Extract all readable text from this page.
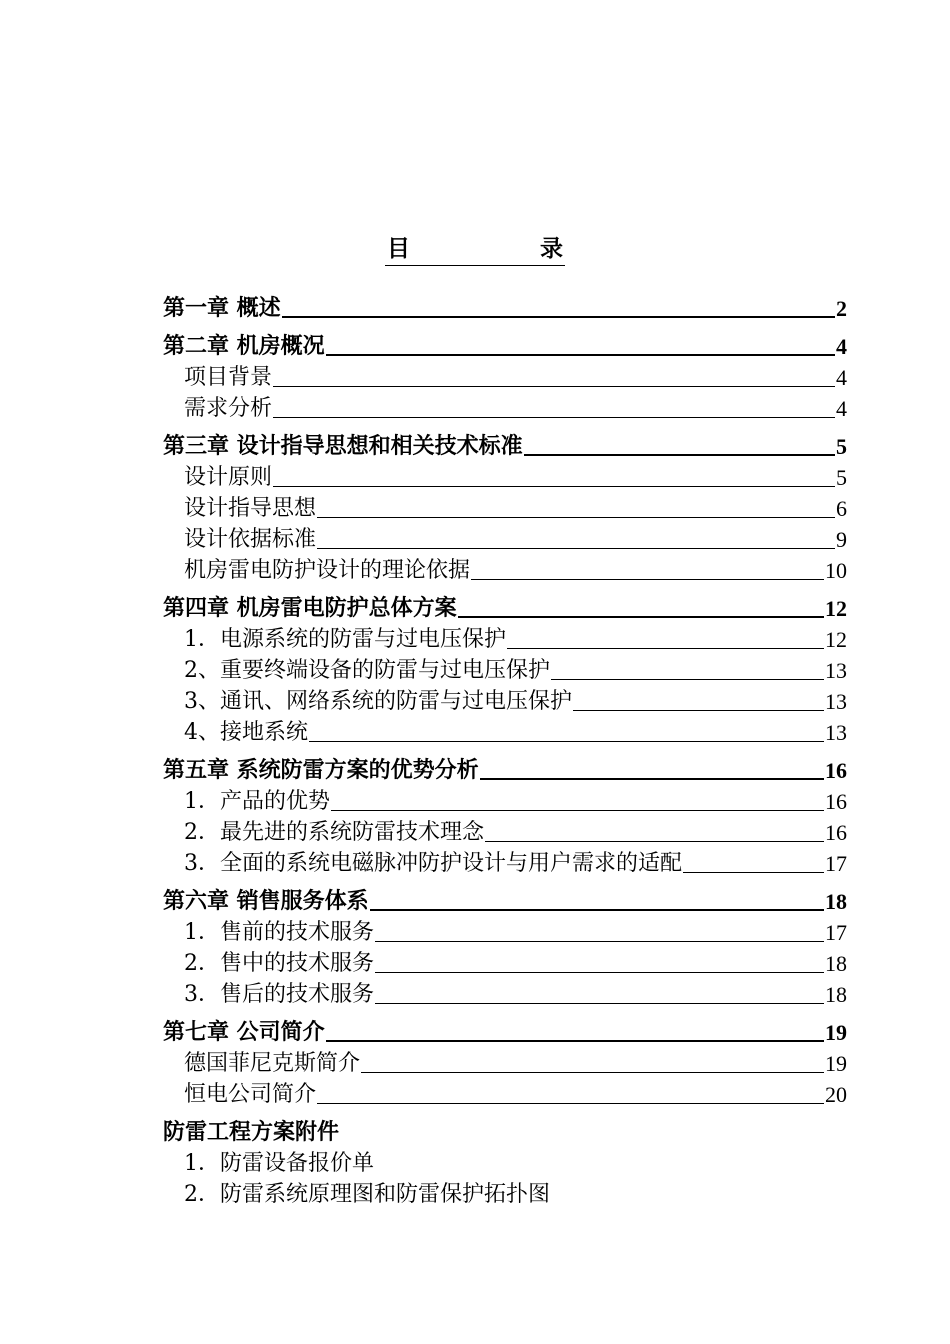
目	录
第一章 概述	2
第二章 机房概况	4
项目背景	4
需求分析	4
第三章 设计指导思想和相关技术标准	5
设计原则	5
设计指导思想	6
设计依据标准	9
机房雷电防护设计的理论依据	10
第四章 机房雷电防护总体方案	12
1．电源系统的防雷与过电压保护	12
2、重要终端设备的防雷与过电压保护	13
3、通讯、网络系统的防雷与过电压保护	13
4、接地系统	13
第五章 系统防雷方案的优势分析	16
1．产品的优势	16
2．最先进的系统防雷技术理念	16
3．全面的系统电磁脉冲防护设计与用户需求的适配	17
第六章 销售服务体系	18
1．售前的技术服务	17
2．售中的技术服务	18
3．售后的技术服务	18
第七章 公司简介	19
德国菲尼克斯简介	19
恒电公司简介	20
防雷工程方案附件
1．防雷设备报价单
2．防雷系统原理图和防雷保护拓扑图
